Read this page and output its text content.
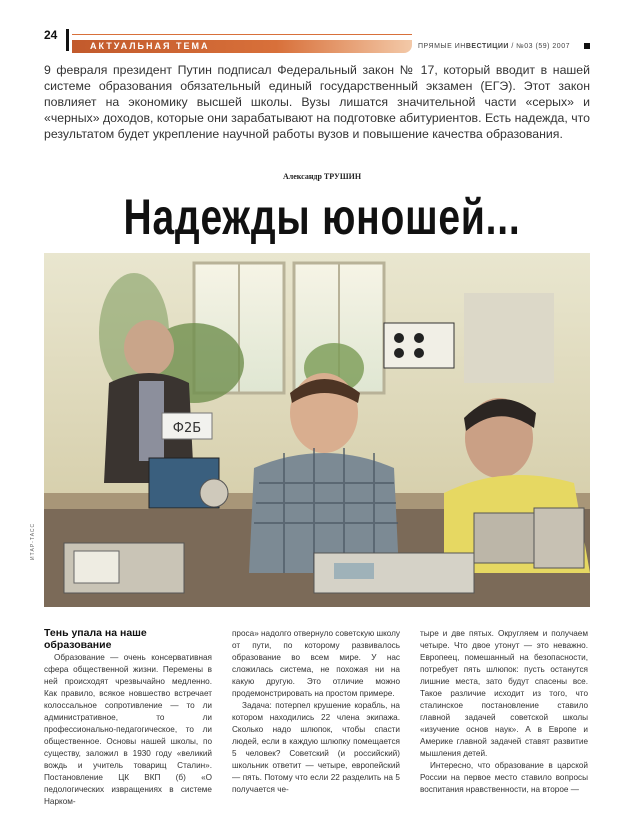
24
АКТУАЛЬНАЯ ТЕМА	ПРЯМЫЕ ИНВЕСТИЦИИ / №03 (59) 2007
9 февраля президент Путин подписал Федеральный закон № 17, который вводит в нашей системе образования обязательный единый государственный экзамен (ЕГЭ). Этот закон повлияет на экономику высшей школы. Вузы лишатся значительной части «серых» и «черных» доходов, которые они зарабатывают на подготовке абитуриентов. Есть надежда, что результатом будет укрепление научной работы вузов и повышение качества образования.
Александр ТРУШИН
Надежды юношей...
Ф2Б
ИТАР-ТАСС
Тень упала на наше образование

Образование — очень консервативная сфера общественной жизни. Перемены в ней происходят чрезвычайно медленно. Как правило, всякое новшество встречает колоссальное сопротивление — то ли административное, то ли профессионально-педагогическое, то ли общественное. Основы нашей школы, по существу, заложил в 1930 году «великий вождь и учитель товарищ Сталин». Постановление ЦК ВКП (б) «О педологических извращениях в системе Нарком-

проса» надолго отвернуло советскую школу от пути, по которому развивалось образование во всем мире. У нас сложилась система, не похожая ни на какую другую. Это отличие можно продемонстрировать на простом примере.

Задача: потерпел крушение корабль, на котором находились 22 члена экипажа. Сколько надо шлюпок, чтобы спасти людей, если в каждую шлюпку помещается 5 человек? Советский (и российский) школьник ответит — четыре, европейский — пять. Потому что если 22 разделить на 5 получается че-

тыре и две пятых. Округляем и получаем четыре. Что двое утонут — это неважно. Европеец, помешанный на безопасности, потребует пять шлюпок: пусть останутся лишние места, зато будут спасены все. Такое различие исходит из того, что сталинское постановление ставило главной задачей советской школы «изучение основ наук». А в Европе и Америке главной задачей ставят развитие мышления детей.

Интересно, что образование в царской России на первое место ставило вопросы воспитания нравственности, на второе —
